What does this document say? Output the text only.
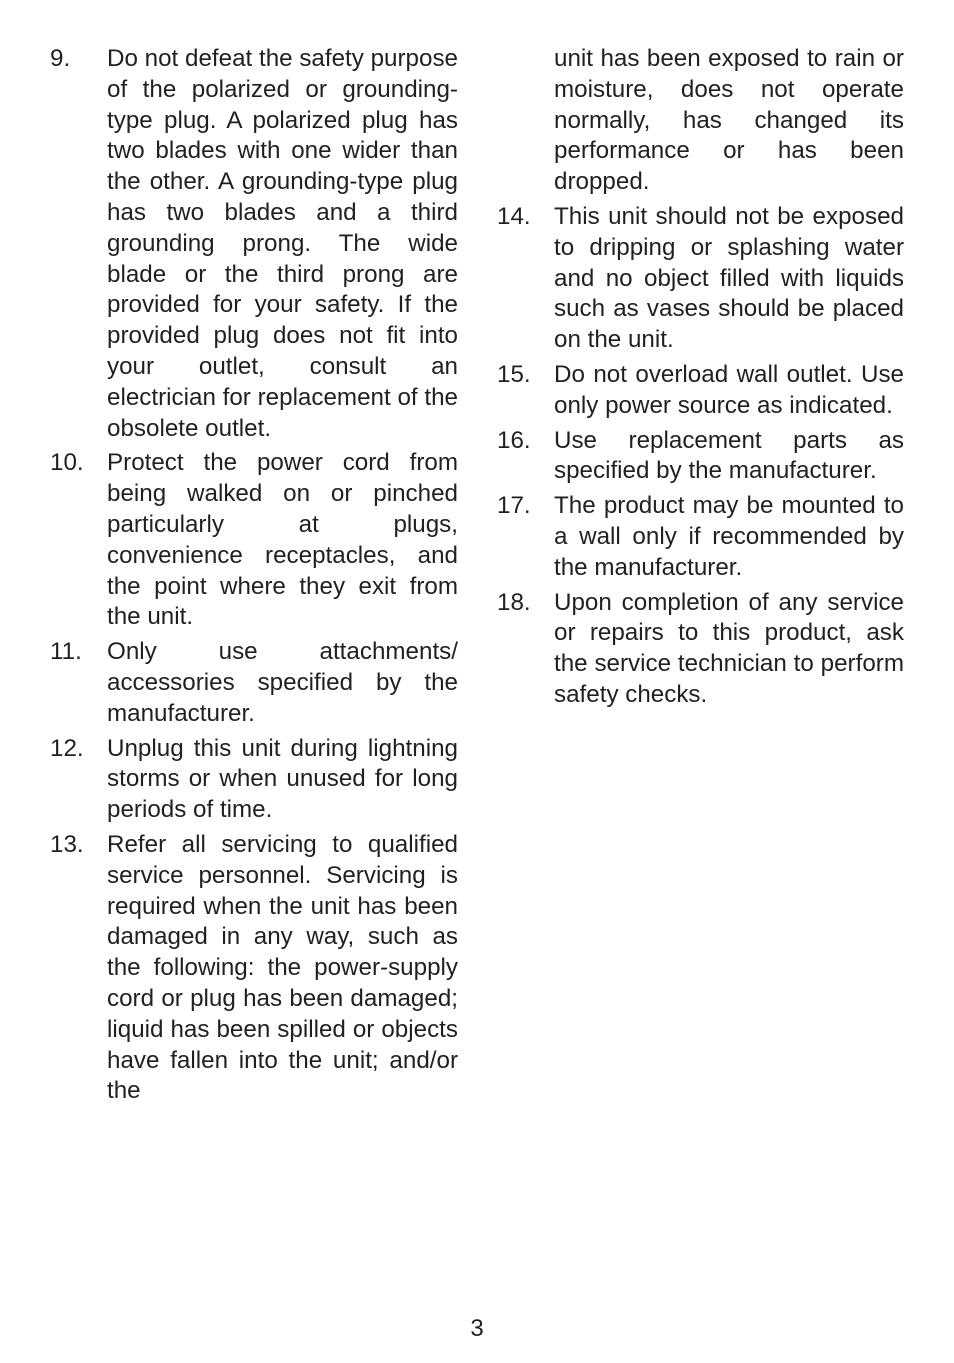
9.	Do not defeat the safety purpose of the polarized or grounding-type plug. A polarized plug has two blades with one wider than the other. A grounding-type plug has two blades and a third grounding prong. The wide blade or the third prong are provided for your safety. If the provided plug does not fit into your outlet, consult an electrician for replacement of the obsolete outlet.

10. Protect the power cord from being walked on or pinched particularly at plugs, convenience receptacles, and the point where they exit from the unit.

11.	Only use attachments/ accessories specified by the manufacturer.

12. Unplug this unit during lightning storms or when unused for long periods of time.

13. Refer all servicing to qualified service personnel. Servicing is required when the unit has been damaged in any way, such as the following: the power-supply cord or plug has been damaged; liquid has been spilled or objects have fallen into the unit; and/or the

unit has been exposed to rain or moisture, does not operate normally, has changed its performance or has been dropped.

14. This unit should not be exposed to dripping or splashing water and no object filled with liquids such as vases should be placed on the unit.

15. Do not overload wall outlet. Use only power source as indicated.

16. Use replacement parts as specified by the manufacturer.

17. The product may be mounted to a wall only if recommended by the manufacturer.

18. Upon completion of any service or repairs to this product, ask the service technician to perform safety checks.

3
